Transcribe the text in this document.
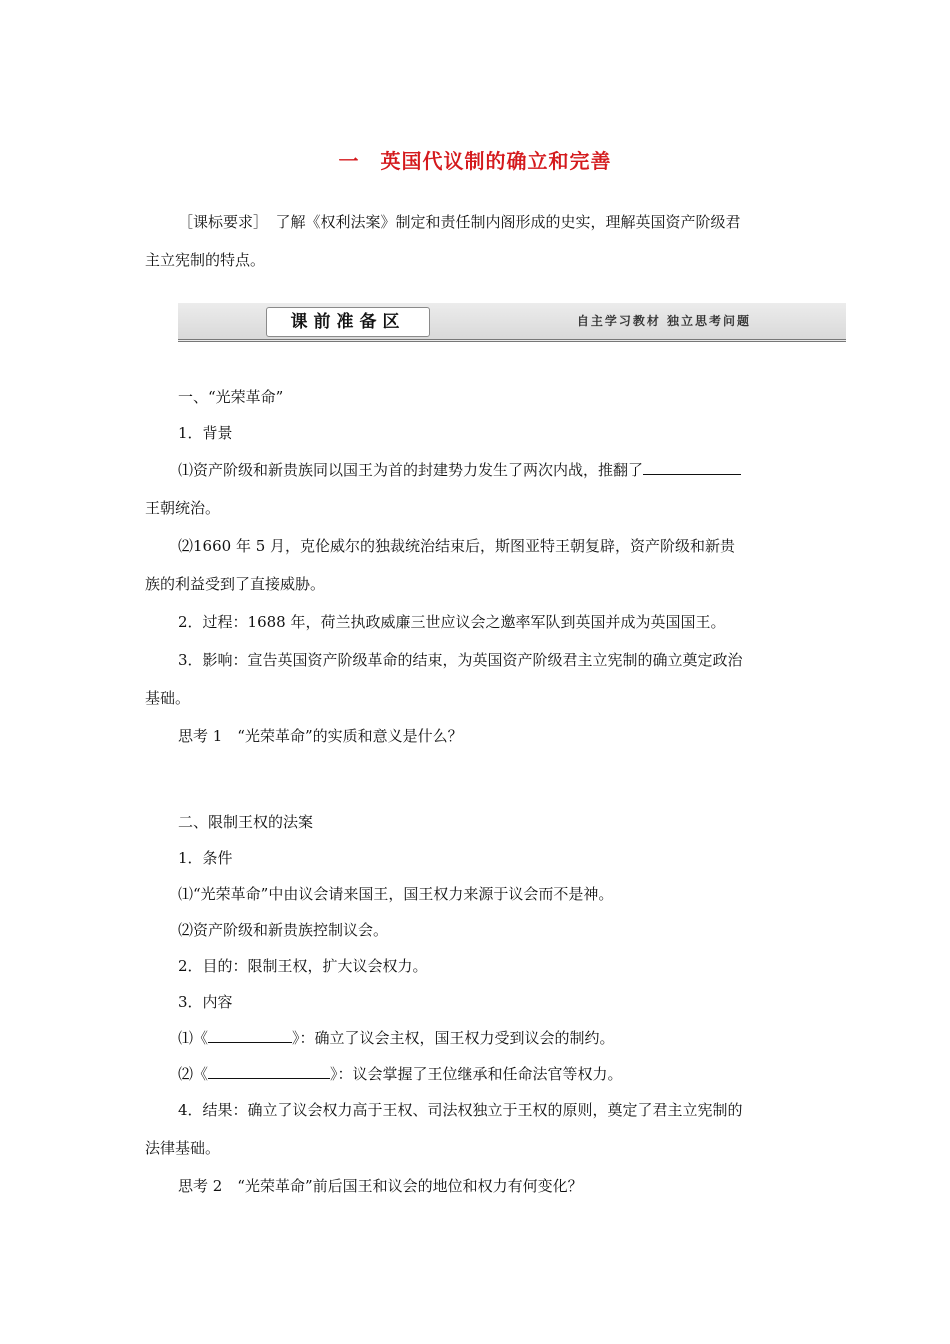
一　英国代议制的确立和完善
［课标要求］　了解《权利法案》制定和责任制内阁形成的史实，理解英国资产阶级君
主立宪制的特点。
课前准备区	自主学习教材 独立思考问题
一、“光荣革命”
1．背景
⑴资产阶级和新贵族同以国王为首的封建势力发生了两次内战，推翻了
王朝统治。
⑵1660 年 5 月，克伦威尔的独裁统治结束后，斯图亚特王朝复辟，资产阶级和新贵
族的利益受到了直接威胁。
2．过程：1688 年，荷兰执政威廉三世应议会之邀率军队到英国并成为英国国王。
3．影响：宣告英国资产阶级革命的结束，为英国资产阶级君主立宪制的确立奠定政治
基础。
思考 1　“光荣革命”的实质和意义是什么？
二、限制王权的法案
1．条件
⑴“光荣革命”中由议会请来国王，国王权力来源于议会而不是神。
⑵资产阶级和新贵族控制议会。
2．目的：限制王权，扩大议会权力。
3．内容
⑴《	》：确立了议会主权，国王权力受到议会的制约。
⑵《	》：议会掌握了王位继承和任命法官等权力。
4．结果：确立了议会权力高于王权、司法权独立于王权的原则，奠定了君主立宪制的
法律基础。
思考 2　“光荣革命”前后国王和议会的地位和权力有何变化？
